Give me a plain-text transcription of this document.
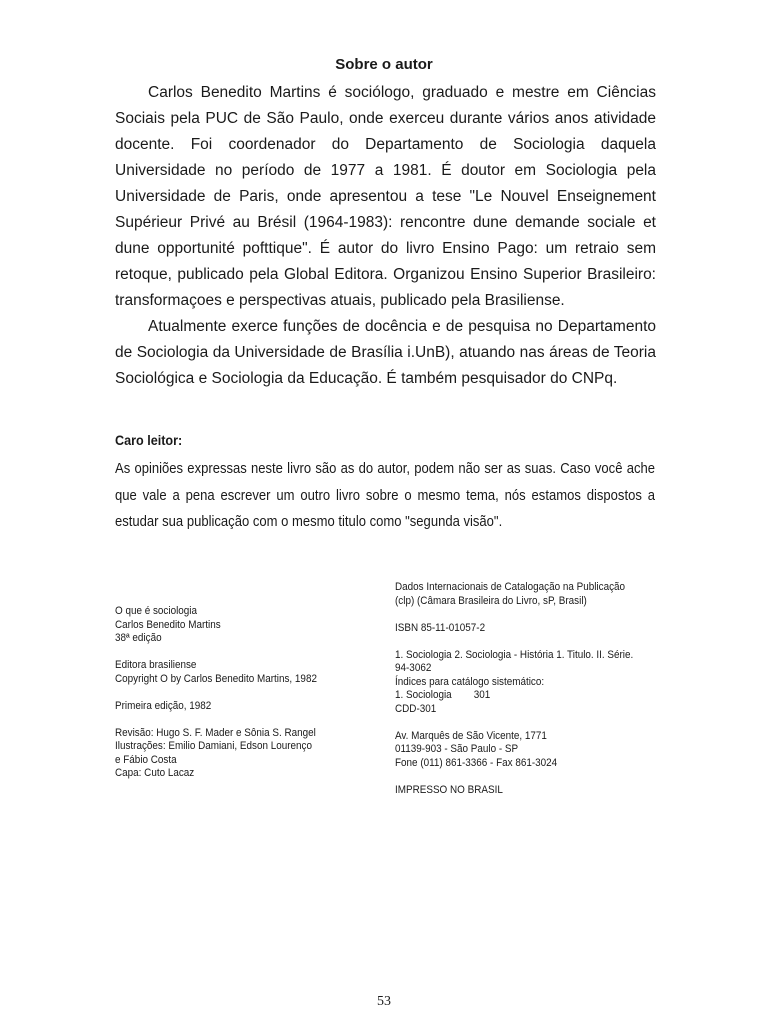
Sobre o autor

Carlos Benedito Martins é sociólogo, graduado e mestre em Ciências Sociais pela PUC de São Paulo, onde exerceu durante vários anos atividade docente. Foi coordenador do Departamento de Sociologia daquela Universidade no período de 1977 a 1981. É doutor em Sociologia pela Universidade de Paris, onde apresentou a tese "Le Nouvel Enseignement Supérieur Privé au Brésil (1964-1983): rencontre dune demande sociale et dune opportunité pofttique". É autor do livro Ensino Pago: um retraio sem retoque, publicado pela Global Editora. Organizou Ensino Superior Brasileiro: transformaçoes e perspectivas atuais, publicado pela Brasiliense.

Atualmente exerce funções de docência e de pesquisa no Departamento de Sociologia da Universidade de Brasília i.UnB), atuando nas áreas de Teoria Sociológica e Sociologia da Educação. É também pesquisador do CNPq.

Caro leitor:

As opiniões expressas neste livro são as do autor, podem não ser as suas. Caso você ache que vale a pena escrever um outro livro sobre o mesmo tema, nós estamos dispostos a estudar sua publicação com o mesmo titulo como "segunda visão".

O que é sociologia
Carlos Benedito Martins
38ª edição
Editora brasiliense
Copyright O by Carlos Benedito Martins, 1982
Primeira edição, 1982
Revisão: Hugo S. F. Mader e Sônia S. Rangel
Ilustrações: Emilio Damiani, Edson Lourenço
e Fábio Costa
Capa: Cuto Lacaz
Dados Internacionais de Catalogação na Publicação
(clp) (Câmara Brasileira do Livro, sP, Brasil)
ISBN 85-11-01057-2
1. Sociologia 2. Sociologia - História 1. Titulo. II. Série.
94-3062
Índices para catálogo sistemático:
1. Sociologia        301
CDD-301
Av. Marquês de São Vicente, 1771
01139-903 - São Paulo - SP
Fone (011) 861-3366 - Fax 861-3024
IMPRESSO NO BRASIL
53
